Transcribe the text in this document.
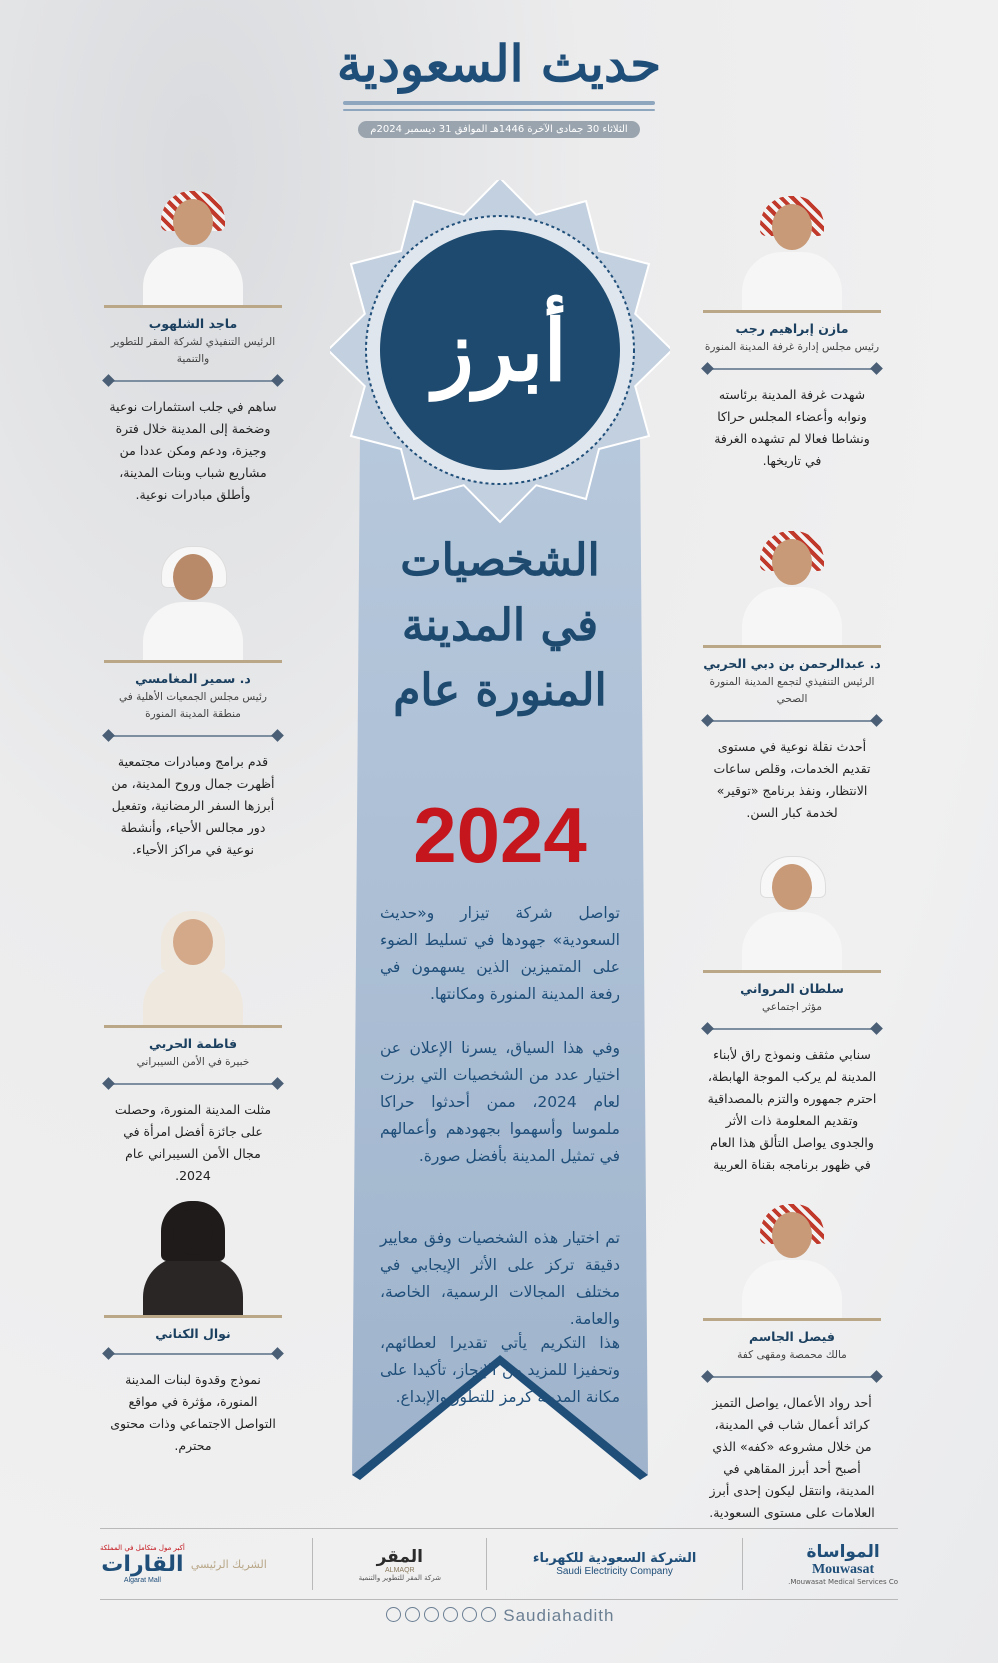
حديث السعودية
الثلاثاء 30 جمادى الآخرة 1446هـ الموافق 31 ديسمبر 2024م
أبرز
الشخصيات
في المدينة
المنورة عام
2024
تواصل شركة تيزار و«حديث السعودية» جهودها في تسليط الضوء على المتميزين الذين يسهمون في رفعة المدينة المنورة ومكانتها.
وفي هذا السياق، يسرنا الإعلان عن اختيار عدد من الشخصيات التي برزت لعام 2024، ممن أحدثوا حراكا ملموسا وأسهموا بجهودهم وأعمالهم في تمثيل المدينة بأفضل صورة.
تم اختيار هذه الشخصيات وفق معايير دقيقة تركز على الأثر الإيجابي في مختلف المجالات الرسمية، الخاصة، والعامة.
هذا التكريم يأتي تقديرا لعطائهم، وتحفيزا للمزيد من الإنجاز، تأكيدا على مكانة المدينة كرمز للتطور والإبداع.
مازن إبراهيم رجب
رئيس مجلس إدارة غرفة المدينة المنورة
شهدت غرفة المدينة برئاسته ونوابه وأعضاء المجلس حراكا ونشاطا فعالا لم تشهده الغرفة في تاريخها.
د. عبدالرحمن بن دبي الحربي
الرئيس التنفيذي لتجمع المدينة المنورة الصحي
أحدث نقلة نوعية في مستوى تقديم الخدمات، وقلص ساعات الانتظار، ونفذ برنامج «توقير» لخدمة كبار السن.
سلطان المرواني
مؤثر اجتماعي
سنابي مثقف ونموذج راق لأبناء المدينة لم يركب الموجة الهابطة، احترم جمهوره والتزم بالمصداقية وتقديم المعلومة ذات الأثر والجدوى يواصل التألق هذا العام في ظهور برنامجه بقناة العربية
فيصل الجاسم
مالك محمصة ومقهى كفة
أحد رواد الأعمال، يواصل التميز كرائد أعمال شاب في المدينة، من خلال مشروعه «كفه» الذي أصبح أحد أبرز المقاهي في المدينة، وانتقل ليكون إحدى أبرز العلامات على مستوى السعودية.
ماجد الشلهوب
الرئيس التنفيذي لشركة المقر للتطوير والتنمية
ساهم في جلب استثمارات نوعية وضخمة إلى المدينة خلال فترة وجيزة، ودعم ومكن عددا من مشاريع شباب وبنات المدينة، وأطلق مبادرات نوعية.
د. سمير المغامسي
رئيس مجلس الجمعيات الأهلية في منطقة المدينة المنورة
قدم برامج ومبادرات مجتمعية أظهرت جمال وروح المدينة، من أبرزها السفر الرمضانية، وتفعيل دور مجالس الأحياء، وأنشطة نوعية في مراكز الأحياء.
فاطمة الحربي
خبيرة في الأمن السيبراني
مثلت المدينة المنورة، وحصلت على جائزة أفضل امرأة في مجال الأمن السيبراني عام 2024.
نوال الكناني
نموذج وقدوة لبنات المدينة المنورة، مؤثرة في مواقع التواصل الاجتماعي وذات محتوى محترم.
الشريك الرئيسي
أكبر مول متكامل في المملكة
القارات
Algarat Mall
المقر
ALMAQR
شركة المقر للتطوير والتنمية
الشركة السعودية للكهرباء
Saudi Electricity Company
المواساة
Mouwasat
Mouwasat Medical Services Co.
Saudiahadith
